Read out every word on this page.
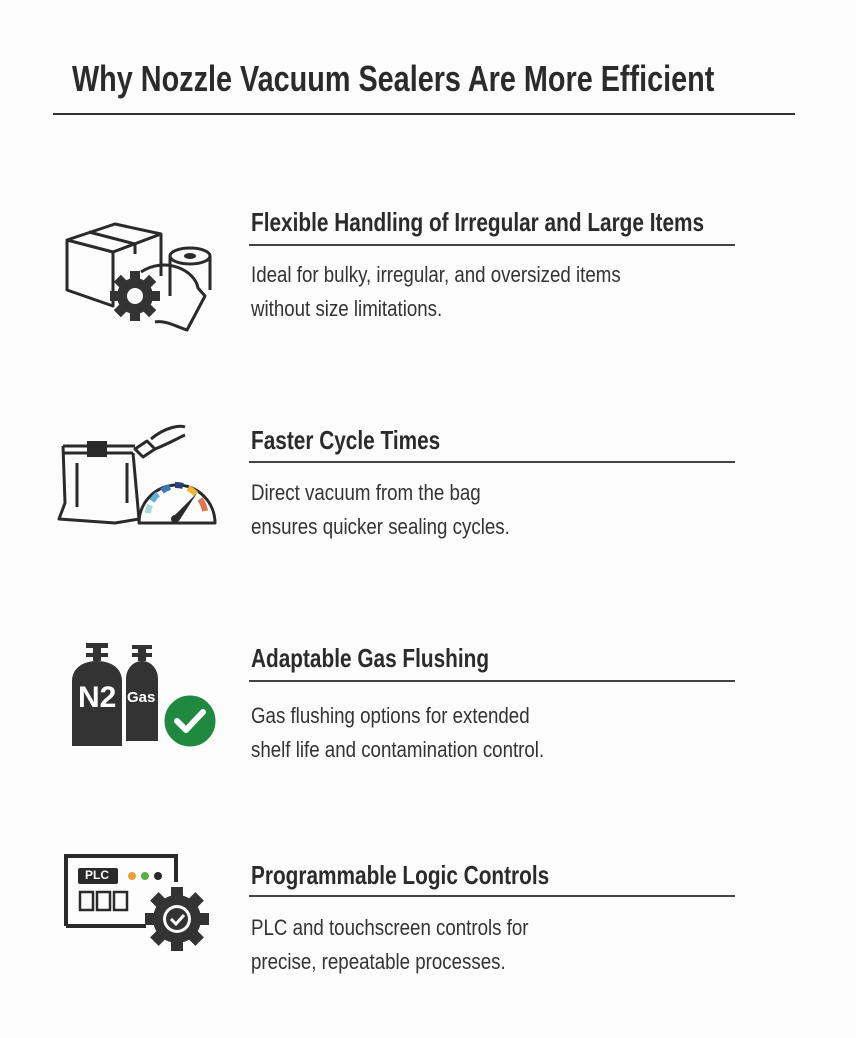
Why Nozzle Vacuum Sealers Are More Efficient
Flexible Handling of Irregular and Large Items
Ideal for bulky, irregular, and oversized items
without size limitations.
Faster Cycle Times
Direct vacuum from the bag
ensures quicker sealing cycles.
N2 Gas
Adaptable Gas Flushing
Gas flushing options for extended
shelf life and contamination control.
PLC	Programmable Logic Controls
PLC and touchscreen controls for
precise, repeatable processes.
